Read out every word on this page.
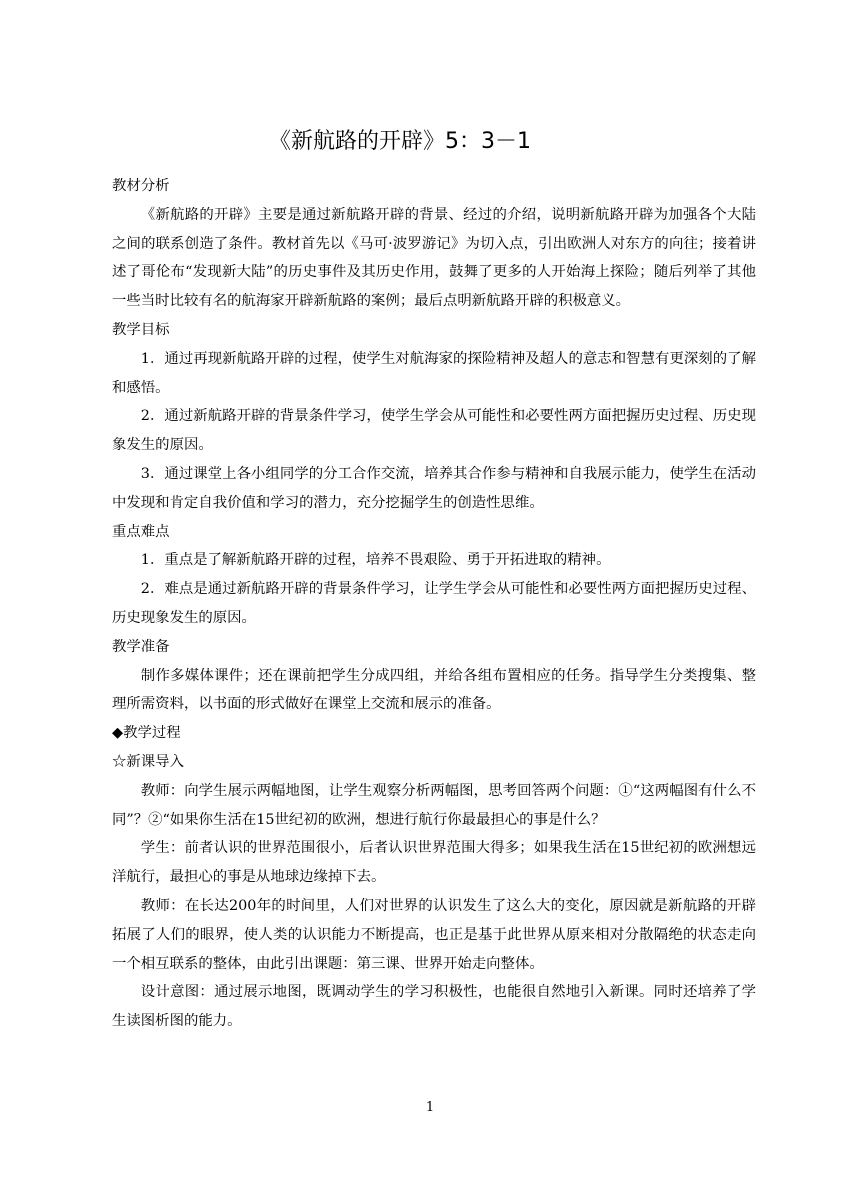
《新航路的开辟》5：3－1

教材分析

《新航路的开辟》主要是通过新航路开辟的背景、经过的介绍，说明新航路开辟为加强各个大陆之间的联系创造了条件。教材首先以《马可·波罗游记》为切入点，引出欧洲人对东方的向往；接着讲述了哥伦布“发现新大陆”的历史事件及其历史作用，鼓舞了更多的人开始海上探险；随后列举了其他一些当时比较有名的航海家开辟新航路的案例；最后点明新航路开辟的积极意义。

教学目标

1．通过再现新航路开辟的过程，使学生对航海家的探险精神及超人的意志和智慧有更深刻的了解和感悟。

2．通过新航路开辟的背景条件学习，使学生学会从可能性和必要性两方面把握历史过程、历史现象发生的原因。

3．通过课堂上各小组同学的分工合作交流，培养其合作参与精神和自我展示能力，使学生在活动中发现和肯定自我价值和学习的潜力，充分挖掘学生的创造性思维。

重点难点

1．重点是了解新航路开辟的过程，培养不畏艰险、勇于开拓进取的精神。

2．难点是通过新航路开辟的背景条件学习，让学生学会从可能性和必要性两方面把握历史过程、历史现象发生的原因。

教学准备

制作多媒体课件；还在课前把学生分成四组，并给各组布置相应的任务。指导学生分类搜集、整理所需资料，以书面的形式做好在课堂上交流和展示的准备。

◆教学过程

☆新课导入

教师：向学生展示两幅地图，让学生观察分析两幅图，思考回答两个问题：①“这两幅图有什么不同”？②“如果你生活在15世纪初的欧洲，想进行航行你最最担心的事是什么？

学生：前者认识的世界范围很小，后者认识世界范围大得多；如果我生活在15世纪初的欧洲想远洋航行，最担心的事是从地球边缘掉下去。

教师：在长达200年的时间里，人们对世界的认识发生了这么大的变化，原因就是新航路的开辟拓展了人们的眼界，使人类的认识能力不断提高，也正是基于此世界从原来相对分散隔绝的状态走向一个相互联系的整体，由此引出课题：第三课、世界开始走向整体。

设计意图：通过展示地图，既调动学生的学习积极性，也能很自然地引入新课。同时还培养了学生读图析图的能力。

1
